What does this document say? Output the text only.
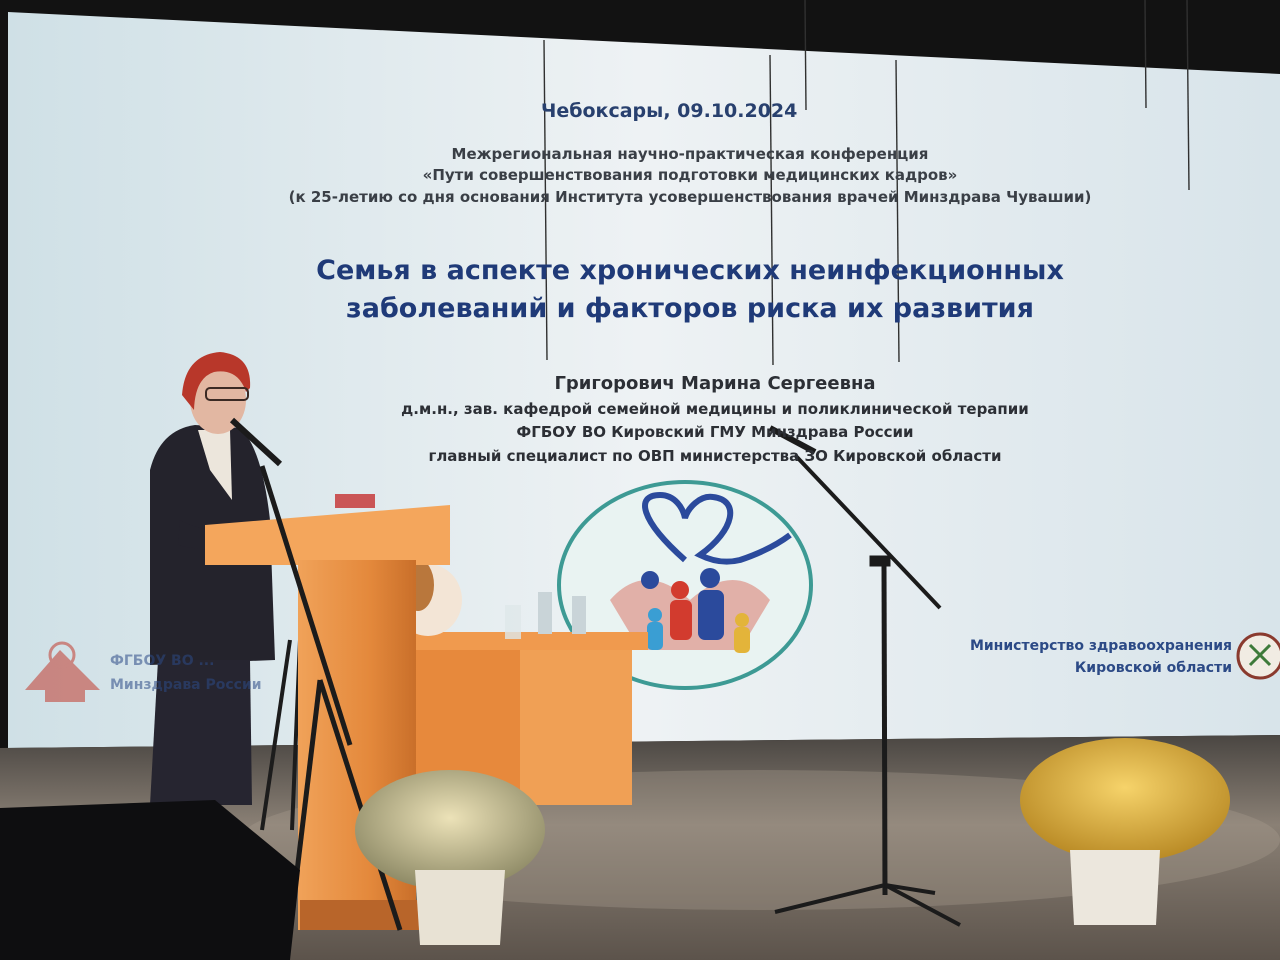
Чебоксары, 09.10.2024
Межрегиональная научно-практическая конференция
«Пути совершенствования подготовки медицинских кадров»
(к 25-летию со дня основания Института усовершенствования врачей Минздрава Чувашии)
Семья в аспекте хронических неинфекционных
заболеваний и факторов риска их развития
Григорович Марина Сергеевна
д.м.н., зав. кафедрой семейной медицины и поликлинической терапии
ФГБОУ ВО Кировский ГМУ Минздрава России
главный специалист по ОВП министерства ЗО Кировской области
ФГБОУ ВО ...
Минздрава России
Министерство здравоохранения
Кировской области
